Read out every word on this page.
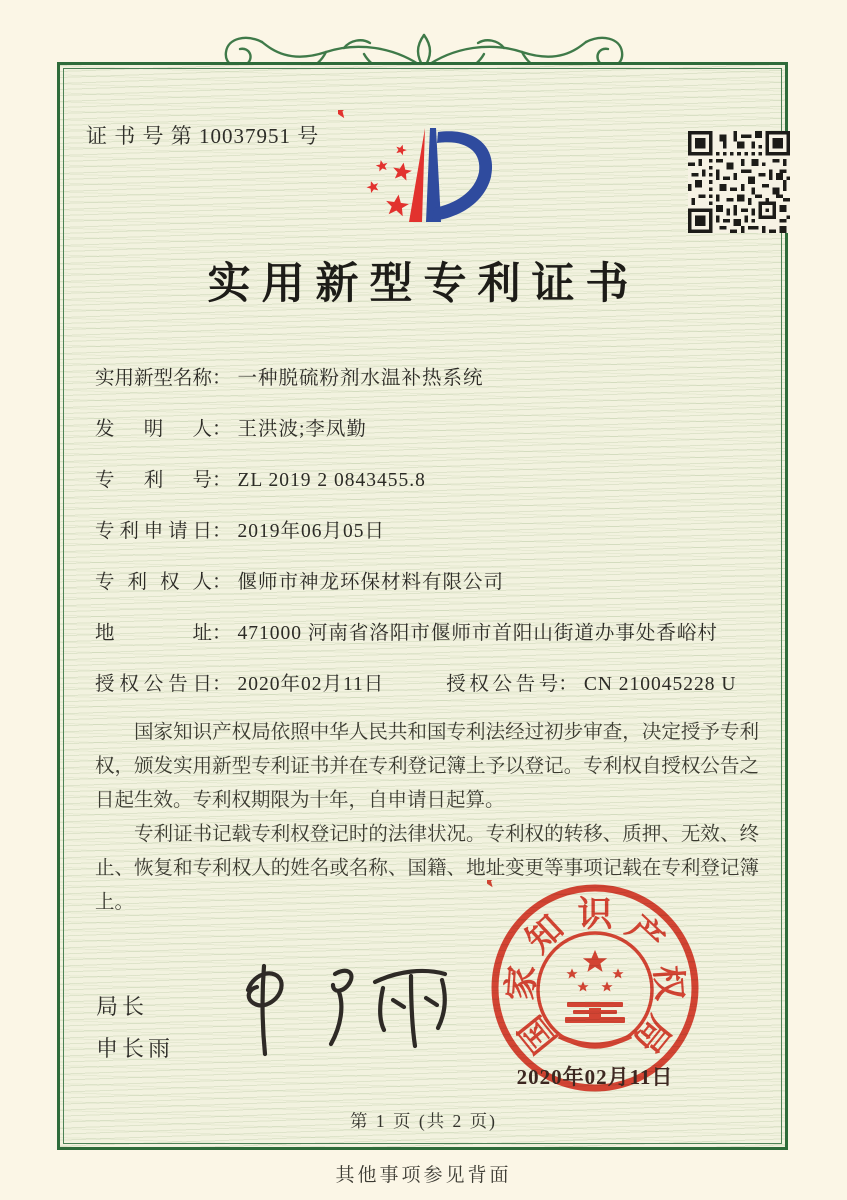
证 书 号 第 10037951 号
实用新型专利证书
实用新型名称 ： 一种脱硫粉剂水温补热系统
发明人 ： 王洪波;李凤勤
专利号 ： ZL 2019 2 0843455.8
专利申请日 ： 2019年06月05日
专利权人 ： 偃师市神龙环保材料有限公司
地址 ： 471000 河南省洛阳市偃师市首阳山街道办事处香峪村
授权公告日 ： 2020年02月11日	授权公告号 ： CN 210045228 U

国家知识产权局依照中华人民共和国专利法经过初步审查，决定授予专利权，颁发实用新型专利证书并在专利登记簿上予以登记。专利权自授权公告之日起生效。专利权期限为十年，自申请日起算。

专利证书记载专利权登记时的法律状况。专利权的转移、质押、无效、终止、恢复和专利权人的姓名或名称、国籍、地址变更等事项记载在专利登记簿上。

局长
申长雨	国
家
知 识 产
权
局
2020年02月11日
第 1 页 (共 2 页)
其他事项参见背面
